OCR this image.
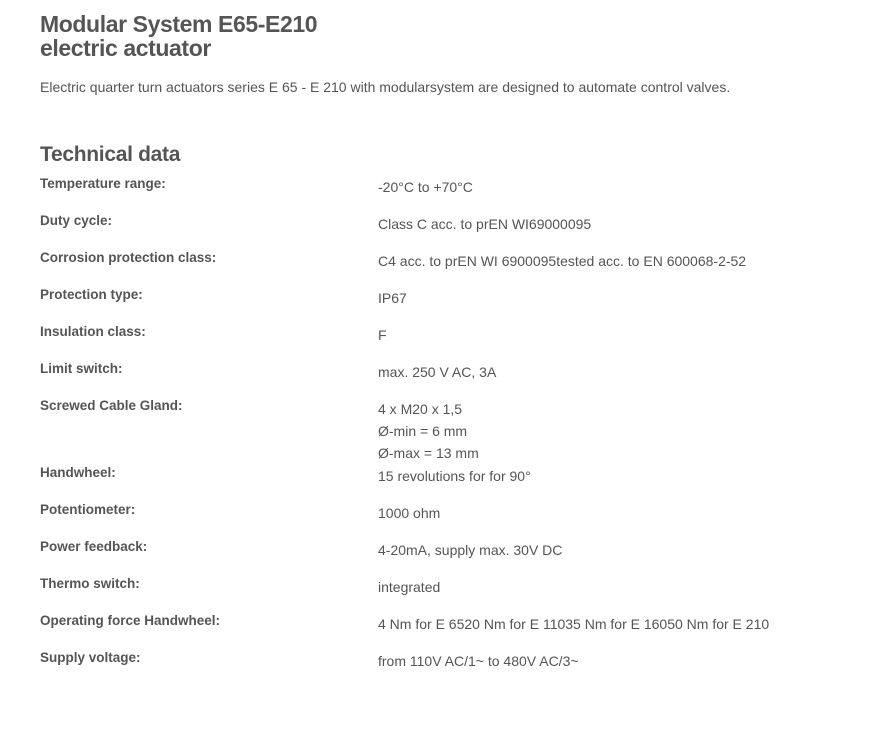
Modular System E65-E210
electric actuator

Electric quarter turn actuators series E 65 - E 210 with modularsystem are designed to automate control valves.

Technical data
Temperature range:	-20°C to +70°C
Duty cycle:	Class C acc. to prEN WI69000095
Corrosion protection class:	C4 acc. to prEN WI 6900095tested acc. to EN 600068-2-52
Protection type:	IP67
Insulation class:	F
Limit switch:	max. 250 V AC, 3A
Screwed Cable Gland:	4 x M20 x 1,5
Ø-min = 6 mm
Ø-max = 13 mm
Handwheel:	15 revolutions for for 90°
Potentiometer:	1000 ohm
Power feedback:	4-20mA, supply max. 30V DC
Thermo switch:	integrated
Operating force Handwheel:	4 Nm for E 6520 Nm for E 11035 Nm for E 16050 Nm for E 210
Supply voltage:	from 110V AC/1~ to 480V AC/3~
